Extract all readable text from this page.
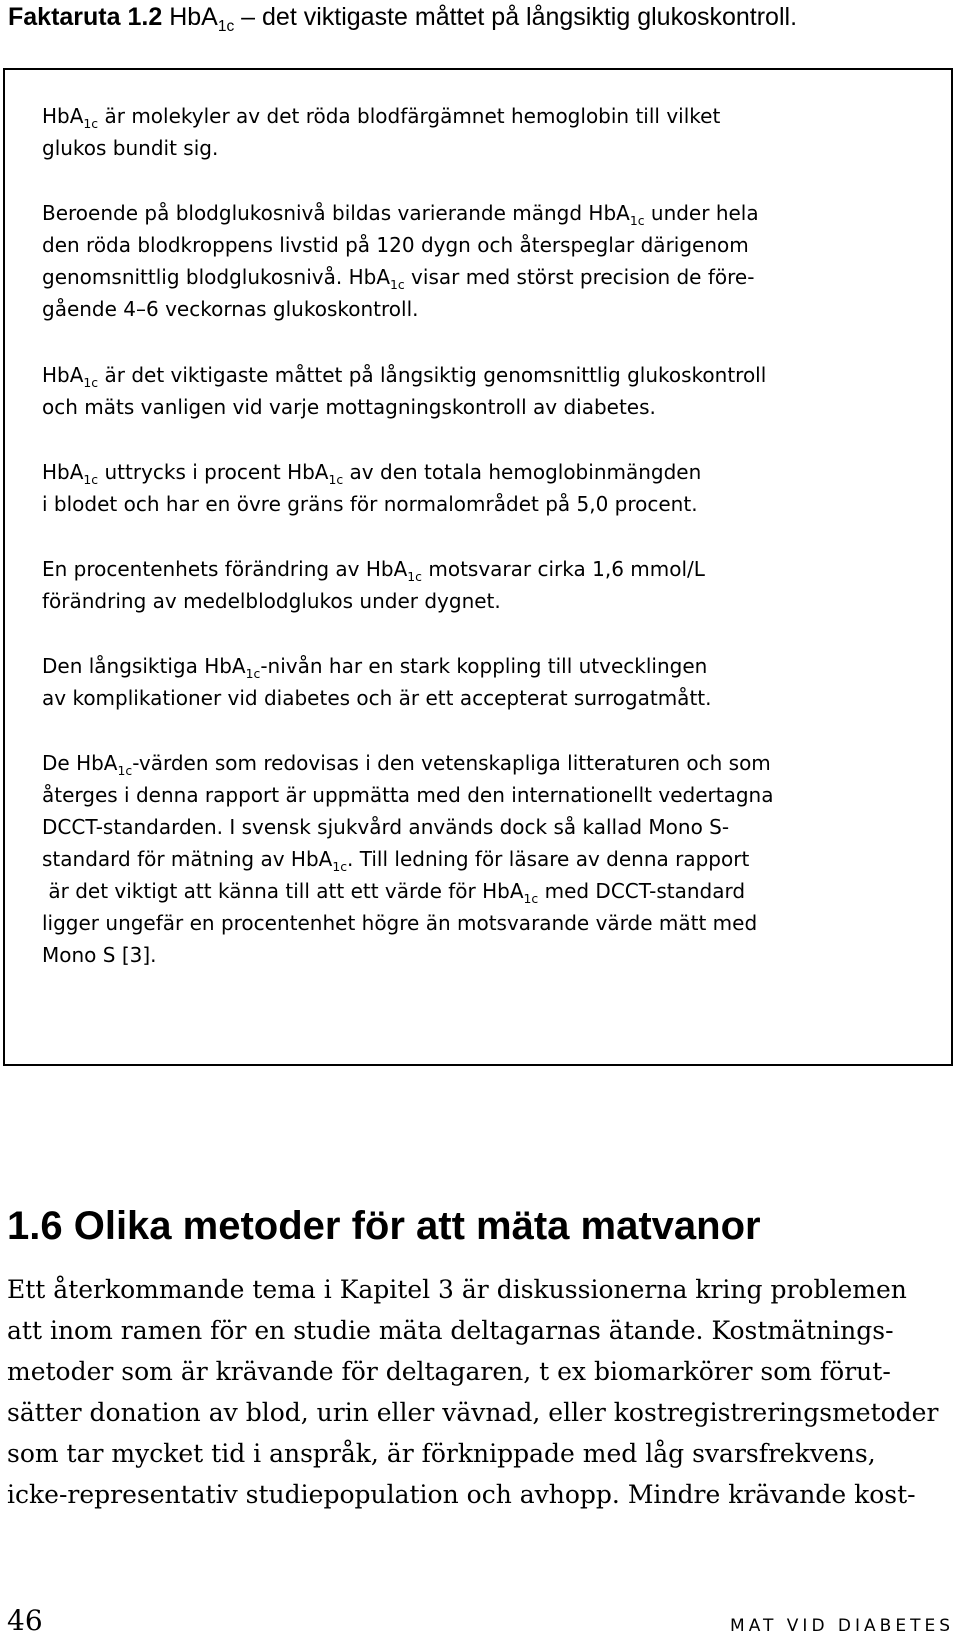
Faktaruta 1.2 HbA$_{1c}$ – det viktigaste måttet på långsiktig glukoskontroll.

HbA$_{1c}$ är molekyler av det röda blodfärgämnet hemoglobin till vilket
glukos bundit sig.

Beroende på blodglukosnivå bildas varierande mängd HbA$_{1c}$ under hela
den röda blodkroppens livstid på 120 dygn och återspeglar därigenom
genomsnittlig blodglukosnivå. HbA$_{1c}$ visar med störst precision de före-
gående 4–6 veckornas glukoskontroll.

HbA$_{1c}$ är det viktigaste måttet på långsiktig genomsnittlig glukoskontroll
och mäts vanligen vid varje mottagningskontroll av diabetes.

HbA$_{1c}$ uttrycks i procent HbA$_{1c}$ av den totala hemoglobinmängden
i blodet och har en övre gräns för normalområdet på 5,0 procent.

En procentenhets förändring av HbA$_{1c}$ motsvarar cirka 1,6 mmol/L
förändring av medelblodglukos under dygnet.

Den långsiktiga HbA$_{1c}$-nivån har en stark koppling till utvecklingen
av komplikationer vid diabetes och är ett accepterat surrogatmått.

De HbA$_{1c}$-värden som redovisas i den vetenskapliga litteraturen och som
återges i denna rapport är uppmätta med den internationellt vedertagna
DCCT-standarden. I svensk sjukvård används dock så kallad Mono S-
standard för mätning av HbA$_{1c}$. Till ledning för läsare av denna rapport
är det viktigt att känna till att ett värde för HbA$_{1c}$ med DCCT-standard
ligger ungefär en procentenhet högre än motsvarande värde mätt med
Mono S [3].

1.6 Olika metoder för att mäta matvanor

Ett återkommande tema i Kapitel 3 är diskussionerna kring problemen
att inom ramen för en studie mäta deltagarnas ätande. Kostmätnings-
metoder som är krävande för deltagaren, t ex biomarkörer som förut-
sätter donation av blod, urin eller vävnad, eller kostregistreringsmetoder
som tar mycket tid i anspråk, är förknippade med låg svarsfrekvens,
icke-representativ studiepopulation och avhopp. Mindre krävande kost-

46	MAT VID DIABETES
